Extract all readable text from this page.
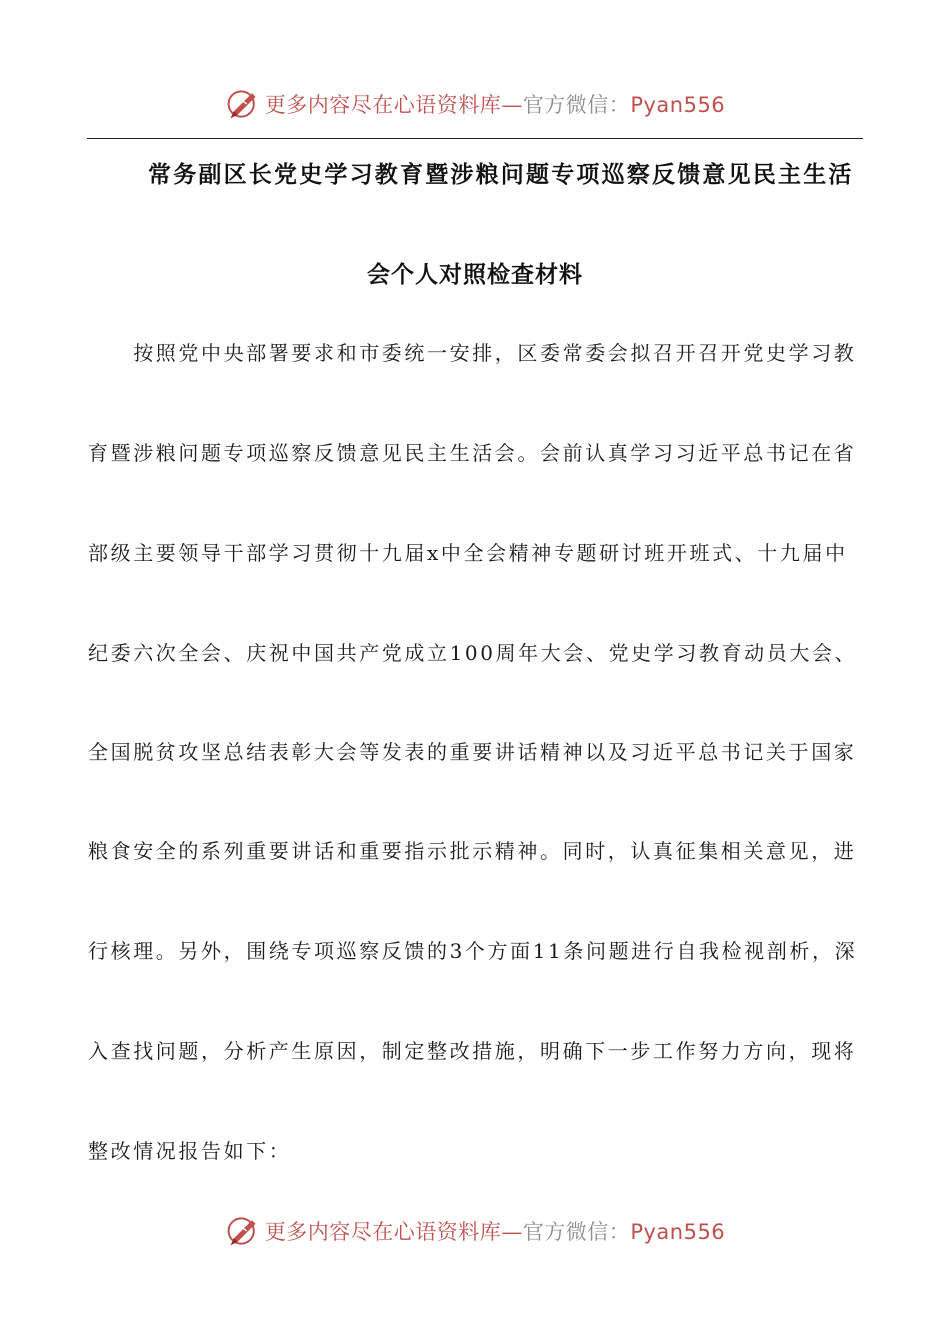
更多内容尽在心语资料库—官方微信：Pyan556
常务副区长党史学习教育暨涉粮问题专项巡察反馈意见民主生活
会个人对照检查材料
　　按照党中央部署要求和市委统一安排，区委常委会拟召开召开党史学习教
育暨涉粮问题专项巡察反馈意见民主生活会。会前认真学习习近平总书记在省
部级主要领导干部学习贯彻十九届x中全会精神专题研讨班开班式、十九届中
纪委六次全会、庆祝中国共产党成立100周年大会、党史学习教育动员大会、
全国脱贫攻坚总结表彰大会等发表的重要讲话精神以及习近平总书记关于国家
粮食安全的系列重要讲话和重要指示批示精神。同时，认真征集相关意见，进
行核理。另外，围绕专项巡察反馈的3个方面11条问题进行自我检视剖析，深
入查找问题，分析产生原因，制定整改措施，明确下一步工作努力方向，现将
整改情况报告如下：
更多内容尽在心语资料库—官方微信：Pyan556
